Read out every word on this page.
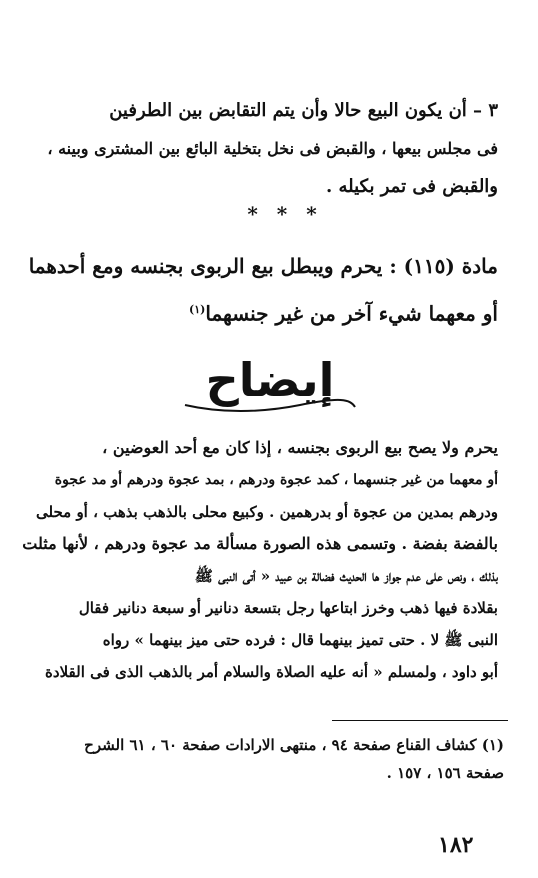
٣ – أن يكون البيع حالا وأن يتم التقابض بين الطرفين
فى مجلس بيعها ، والقبض فى نخل بتخلية البائع بين المشترى وبينه ،
والقبض فى تمر بكيله .
* * *
مادة (١١٥) : يحرم ويبطل بيع الربوى بجنسه ومع أحدهما
أو معهما شيء آخر من غير جنسهما$^{(١)}$
إيضاح
يحرم ولا يصح بيع الربوى بجنسه ، إذا كان مع أحد العوضين ،
أو معهما من غير جنسهما ، كمد عجوة ودرهم ، بمد عجوة ودرهم أو مد عجوة
ودرهم بمدين من عجوة أو بدرهمين . وكبيع محلى بالذهب بذهب ، أو محلى
بالفضة بفضة . وتسمى هذه الصورة مسألة مد عجوة ودرهم ، لأنها مثلت
بذلك ، ونص على عدم جواز ها الحديث فضالة بن عبيد « أتى النبى ﷺ
بقلادة فيها ذهب وخرز ابتاعها رجل بتسعة دنانير أو سبعة دنانير فقال
النبى ﷺ لا . حتى تميز بينهما قال : فرده حتى ميز بينهما » رواه
أبو داود ، ولمسلم « أنه عليه الصلاة والسلام أمر بالذهب الذى فى القلادة
(١) كشاف القناع صفحة ٩٤ ، منتهى الارادات صفحة ٦٠ ، ٦١ الشرح
صفحة ١٥٦ ، ١٥٧ .
١٨٢
